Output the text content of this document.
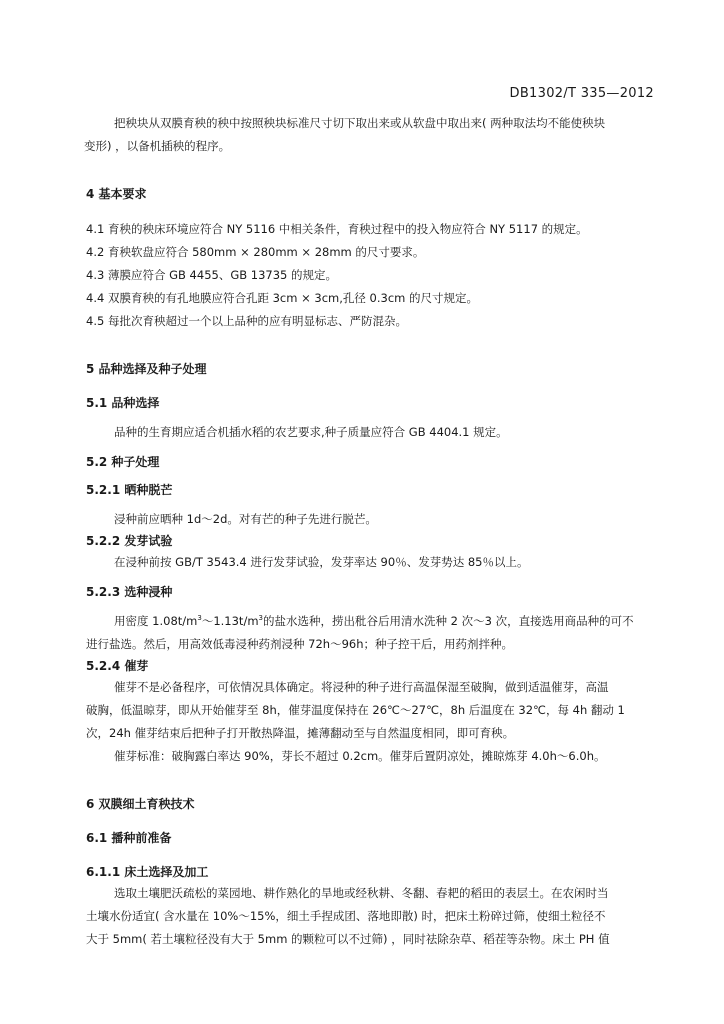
DB1302/T 335—2012

把秧块从双膜育秧的秧中按照秧块标准尺寸切下取出来或从软盘中取出来( 两种取法均不能使秧块

变形) ，以备机插秧的程序。

4 基本要求

4.1 育秧的秧床环境应符合 NY 5116 中相关条件，育秧过程中的投入物应符合 NY 5117 的规定。

4.2 育秧软盘应符合 580mm × 280mm × 28mm 的尺寸要求。

4.3 薄膜应符合 GB 4455、GB 13735 的规定。

4.4 双膜育秧的有孔地膜应符合孔距 3cm × 3cm,孔径 0.3cm 的尺寸规定。

4.5 每批次育秧超过一个以上品种的应有明显标志、严防混杂。

5 品种选择及种子处理

5.1 品种选择

品种的生育期应适合机插水稻的农艺要求,种子质量应符合 GB 4404.1 规定。

5.2 种子处理

5.2.1 晒种脱芒

浸种前应晒种 1d～2d。对有芒的种子先进行脱芒。

5.2.2 发芽试验

在浸种前按 GB/T 3543.4 进行发芽试验，发芽率达 90％、发芽势达 85％以上。

5.2.3 选种浸种

用密度 $1.08t/m^3\sim 1.13t/m^3$的盐水选种，捞出秕谷后用清水洗种 2 次～3 次，直接选用商品种的可不

进行盐选。然后，用高效低毒浸种药剂浸种 72h～96h；种子控干后，用药剂拌种。

5.2.4 催芽

催芽不是必备程序，可依情况具体确定。将浸种的种子进行高温保湿至破胸，做到适温催芽，高温

破胸，低温晾芽，即从开始催芽至 8h，催芽温度保持在 26℃～27℃，8h 后温度在 32℃，每 4h 翻动 1

次，24h 催芽结束后把种子打开散热降温，摊薄翻动至与自然温度相同，即可育秧。

催芽标准：破胸露白率达 90%，芽长不超过 0.2cm。催芽后置阴凉处，摊晾炼芽 4.0h～6.0h。

6 双膜细土育秧技术

6.1 播种前准备

6.1.1 床土选择及加工

选取土壤肥沃疏松的菜园地、耕作熟化的旱地或经秋耕、冬翻、春耙的稻田的表层土。在农闲时当

土壤水份适宜( 含水量在 10%～15%，细土手捏成团、落地即散) 时，把床土粉碎过筛，使细土粒径不

大于 5mm( 若土壤粒径没有大于 5mm 的颗粒可以不过筛) ，同时祛除杂草、稻茬等杂物。床土 PH 值
